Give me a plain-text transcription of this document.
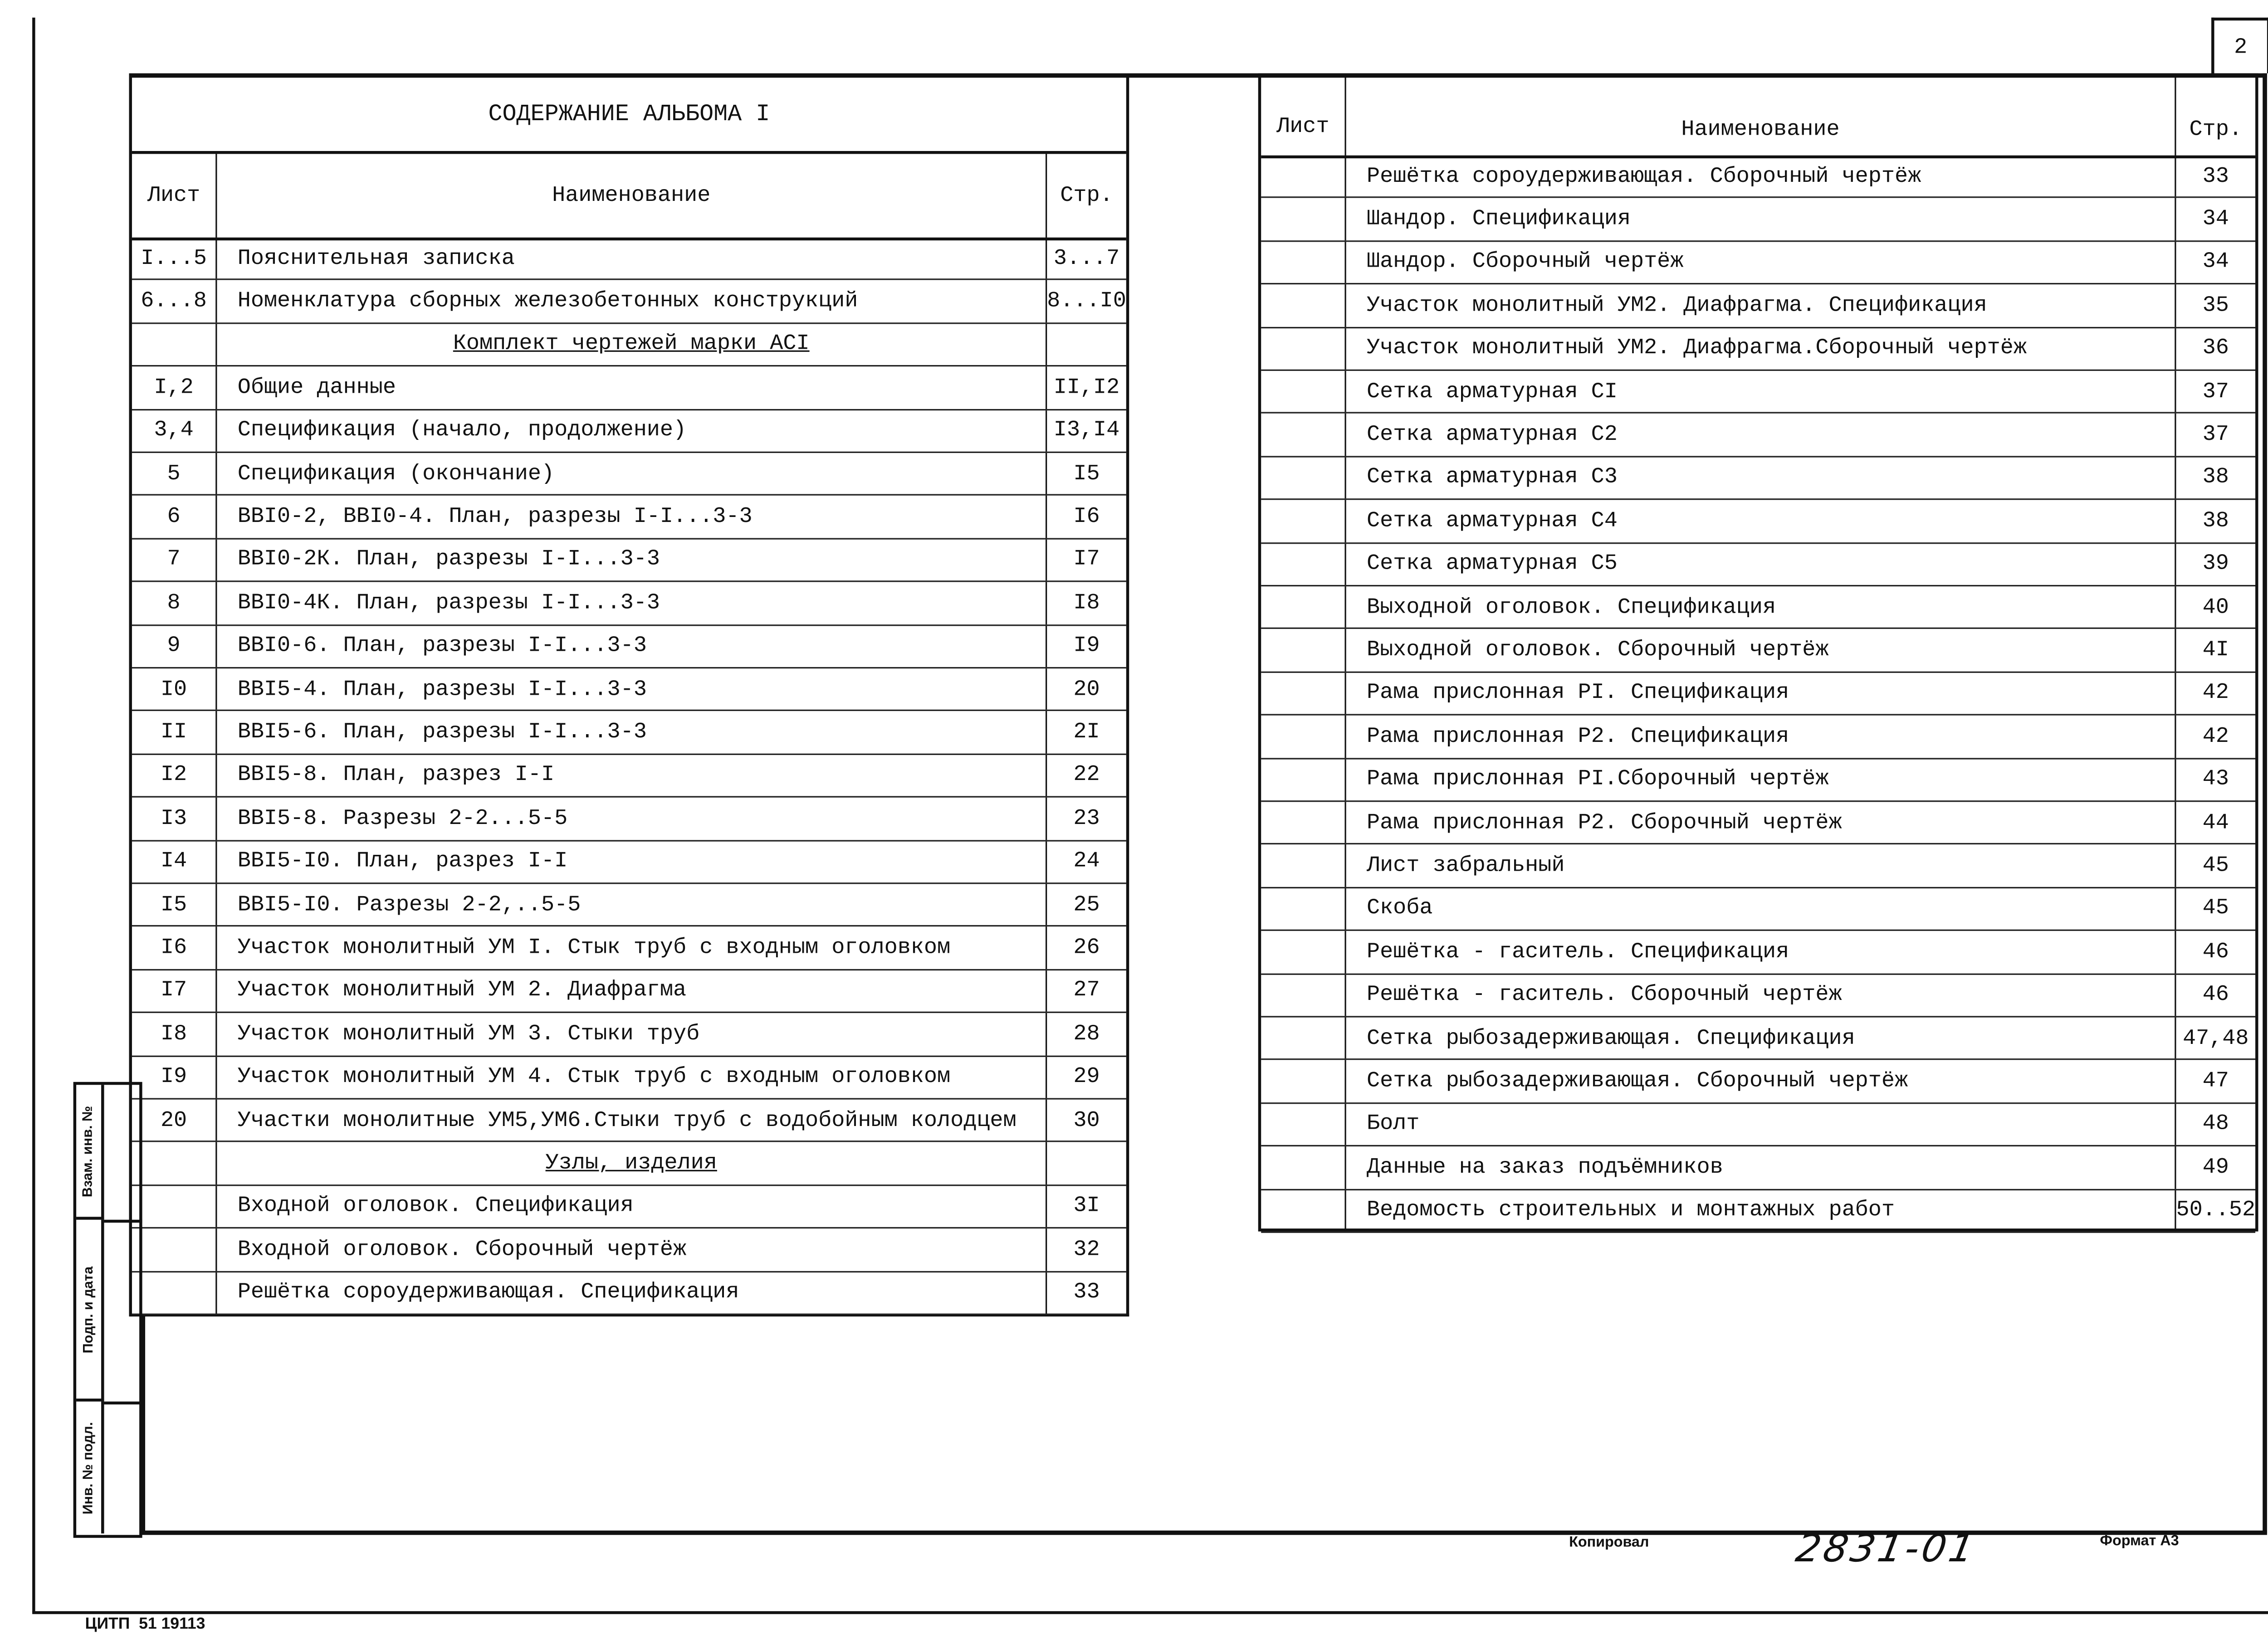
2
СОДЕРЖАНИЕ АЛЬБОМА I
Лист	Наименование	Стр.
I...5	Пояснительная записка	3...7
6...8	Номенклатура сборных железобетонных конструкций	8...I0
Комплект чертежей марки АСI
I,2	Общие данные	II,I2
3,4	Спецификация (начало, продолжение)	I3,I4
5	Спецификация (окончание)	I5
6	ВВI0-2, ВВI0-4. План, разрезы I-I...3-3	I6
7	ВВI0-2К. План, разрезы I-I...3-3	I7
8	ВВI0-4К. План, разрезы I-I...3-3	I8
9	ВВI0-6. План, разрезы I-I...3-3	I9
I0	ВВI5-4. План, разрезы I-I...3-3	20
II	ВВI5-6. План, разрезы I-I...3-3	2I
I2	ВВI5-8. План, разрез I-I	22
I3	ВВI5-8. Разрезы 2-2...5-5	23
I4	ВВI5-I0. План, разрез I-I	24
I5	ВВI5-I0. Разрезы 2-2,..5-5	25
I6	Участок монолитный УМ I. Стык труб с входным оголовком	26
I7	Участок монолитный УМ 2. Диафрагма	27
I8	Участок монолитный УМ 3. Стыки труб	28
I9	Участок монолитный УМ 4. Стык труб с входным оголовком	29
20	Участки монолитные УМ5,УМ6.Стыки труб с водобойным колодцем	30
Узлы, изделия
Входной оголовок. Спецификация	3I
Входной оголовок. Сборочный чертёж	32
Решётка сороудерживающая. Спецификация	33
Лист	Наименование	Стр.
Решётка сороудерживающая. Сборочный чертёж	33
Шандор. Спецификация	34
Шандор. Сборочный чертёж	34
Участок монолитный УМ2. Диафрагма. Спецификация	35
Участок монолитный УМ2. Диафрагма.Сборочный чертёж	36
Сетка арматурная СI	37
Сетка арматурная С2	37
Сетка арматурная С3	38
Сетка арматурная С4	38
Сетка арматурная С5	39
Выходной оголовок. Спецификация	40
Выходной оголовок. Сборочный чертёж	4I
Рама прислонная РI. Спецификация	42
Рама прислонная Р2. Спецификация	42
Рама прислонная РI.Сборочный чертёж	43
Рама прислонная Р2. Сборочный чертёж	44
Лист забральный	45
Скоба	45
Решётка - гаситель. Спецификация	46
Решётка - гаситель. Сборочный чертёж	46
Сетка рыбозадерживающая. Спецификация	47,48
Сетка рыбозадерживающая. Сборочный чертёж	47
Болт	48
Данные на заказ подъёмников	49
Ведомость строительных и монтажных работ	50..52
Взам. инв. №
Подп. и дата
Инв. № подл.
Копировал	2831-01	Формат А3
ЦИТП  51 19113
